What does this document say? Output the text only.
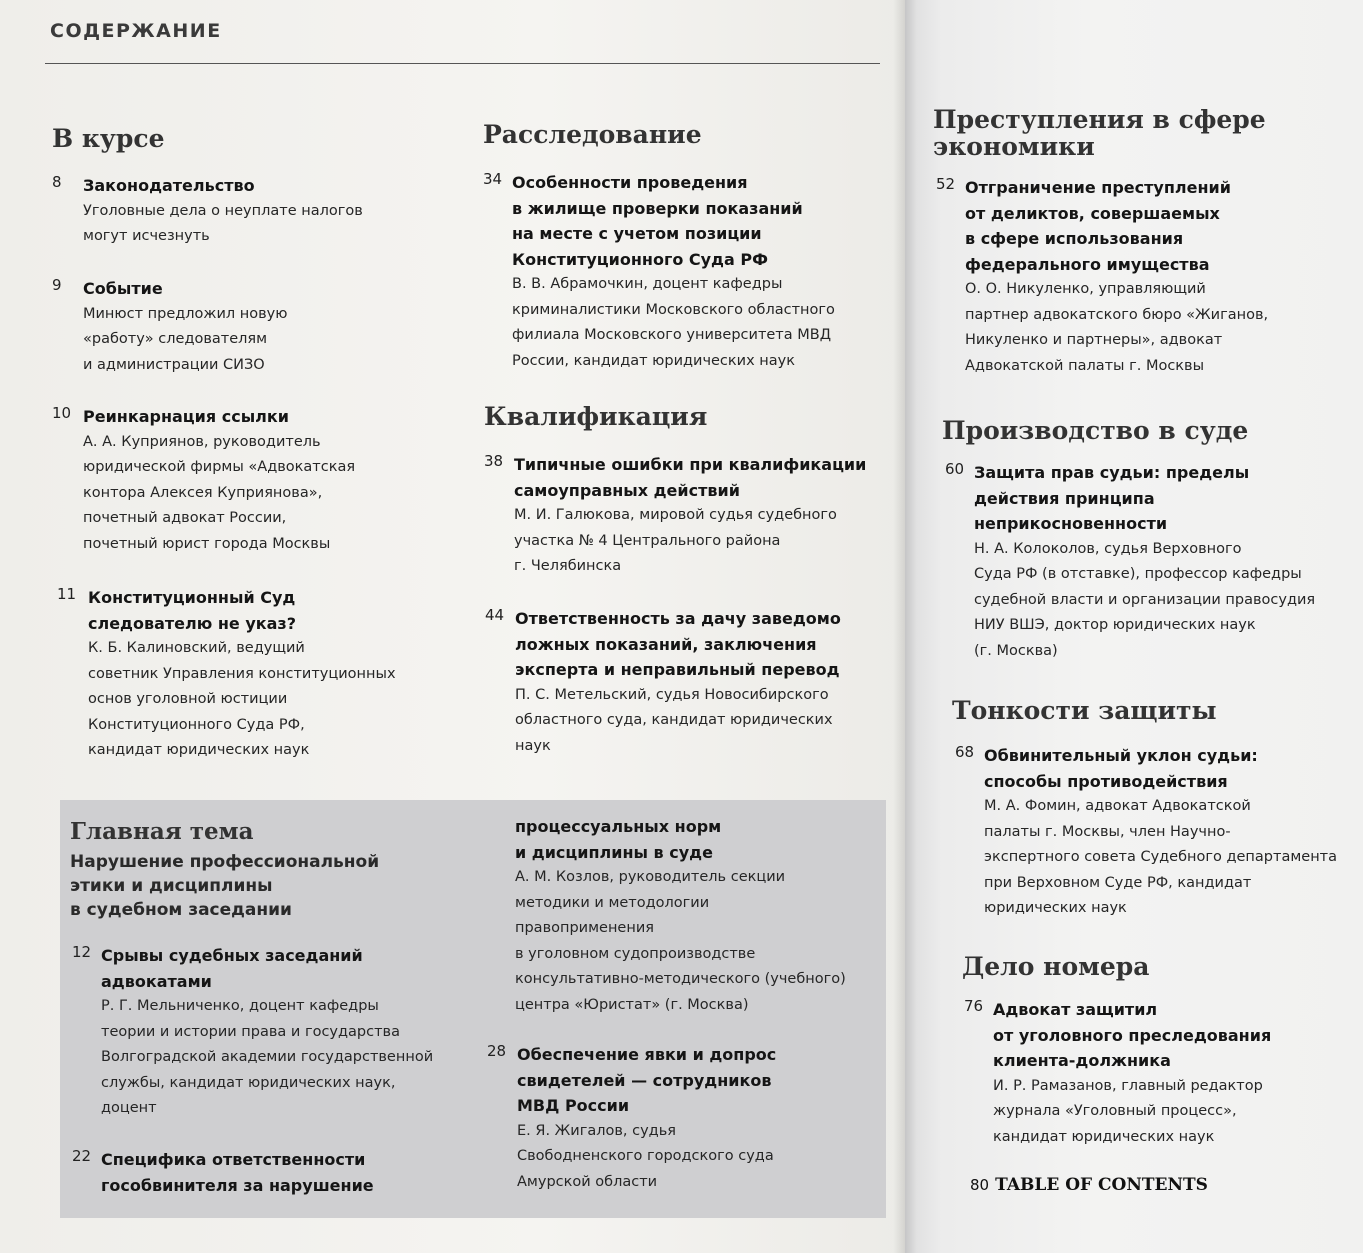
СОДЕРЖАНИЕ
В курсе
8 Законодательство
Уголовные дела о неуплате налогов
могут исчезнуть
9 Событие
Минюст предложил новую
«работу» следователям
и администрации СИЗО
10 Реинкарнация ссылки
А. А. Куприянов, руководитель
юридической фирмы «Адвокатская
контора Алексея Куприянова»,
почетный адвокат России,
почетный юрист города Москвы
11 Конституционный Суд
следователю не указ?
К. Б. Калиновский, ведущий
советник Управления конституционных
основ уголовной юстиции
Конституционного Суда РФ,
кандидат юридических наук
Главная тема
Нарушение профессиональной
этики и дисциплины
в судебном заседании
12 Срывы судебных заседаний
адвокатами
Р. Г. Мельниченко, доцент кафедры
теории и истории права и государства
Волгоградской академии государственной
службы, кандидат юридических наук,
доцент
22 Специфика ответственности
гособвинителя за нарушение
Расследование
34 Особенности проведения
в жилище проверки показаний
на месте с учетом позиции
Конституционного Суда РФ
В. В. Абрамочкин, доцент кафедры
криминалистики Московского областного
филиала Московского университета МВД
России, кандидат юридических наук
Квалификация
38 Типичные ошибки при квалификации
самоуправных действий
М. И. Галюкова, мировой судья судебного
участка № 4 Центрального района
г. Челябинска
44 Ответственность за дачу заведомо
ложных показаний, заключения
эксперта и неправильный перевод
П. С. Метельский, судья Новосибирского
областного суда, кандидат юридических
наук
процессуальных норм
и дисциплины в суде
А. М. Козлов, руководитель секции
методики и методологии
правоприменения
в уголовном судопроизводстве
консультативно-методического (учебного)
центра «Юристат» (г. Москва)
28 Обеспечение явки и допрос
свидетелей — сотрудников
МВД России
Е. Я. Жигалов, судья
Свободненского городского суда
Амурской области
Преступления в сфере
экономики
52 Отграничение преступлений
от деликтов, совершаемых
в сфере использования
федерального имущества
О. О. Никуленко, управляющий
партнер адвокатского бюро «Жиганов,
Никуленко и партнеры», адвокат
Адвокатской палаты г. Москвы
Производство в суде
60 Защита прав судьи: пределы
действия принципа
неприкосновенности
Н. А. Колоколов, судья Верховного
Суда РФ (в отставке), профессор кафедры
судебной власти и организации правосудия
НИУ ВШЭ, доктор юридических наук
(г. Москва)
Тонкости защиты
68 Обвинительный уклон судьи:
способы противодействия
М. А. Фомин, адвокат Адвокатской
палаты г. Москвы, член Научно-
экспертного совета Судебного департамента
при Верховном Суде РФ, кандидат
юридических наук
Дело номера
76 Адвокат защитил
от уголовного преследования
клиента-должника
И. Р. Рамазанов, главный редактор
журнала «Уголовный процесс»,
кандидат юридических наук
80 TABLE OF CONTENTS
